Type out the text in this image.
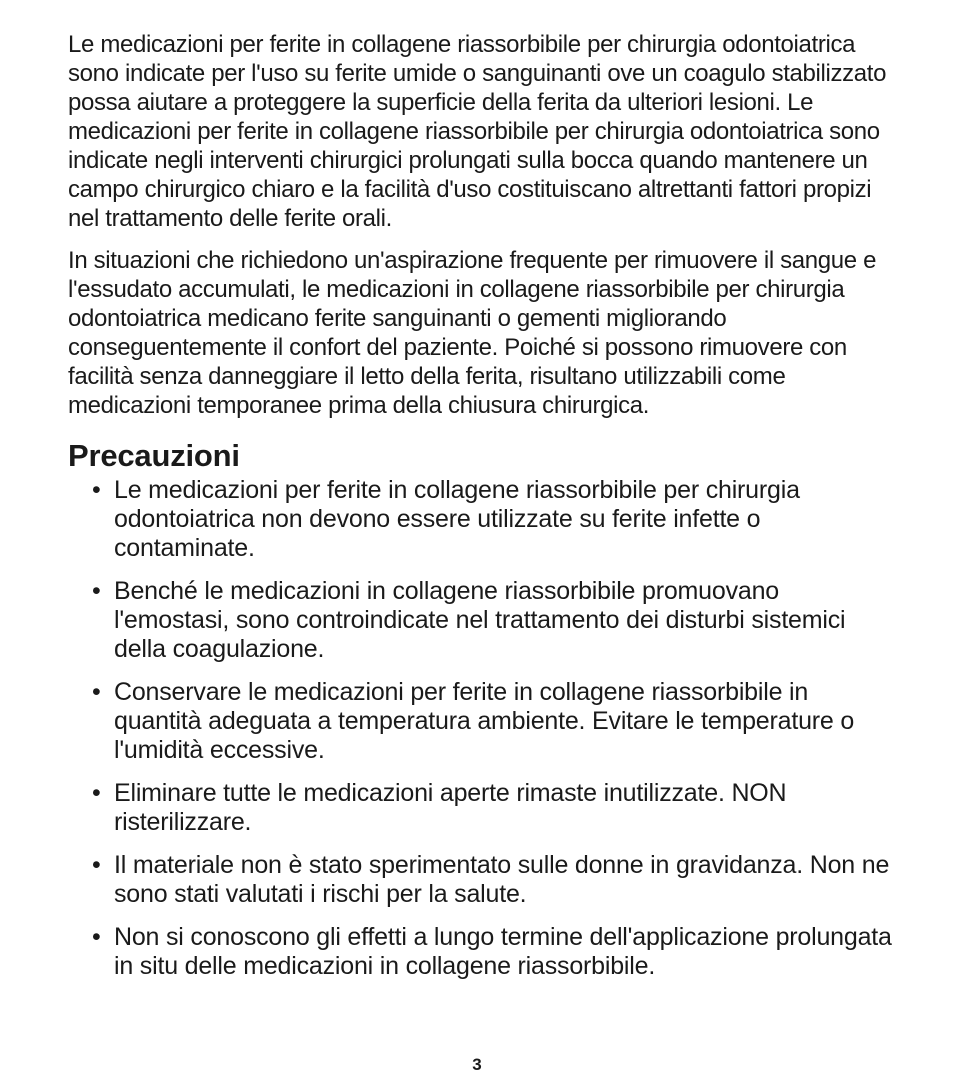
Le medicazioni per ferite in collagene riassorbibile per chirurgia odontoiatrica sono indicate per l'uso su ferite umide o sanguinanti ove un coagulo stabilizzato possa aiutare a proteggere la superficie della ferita da ulteriori lesioni. Le medicazioni per ferite in collagene riassorbibile per chirurgia odontoiatrica sono indicate negli interventi chirurgici prolungati sulla bocca quando mantenere un campo chirurgico chiaro e la facilità d'uso costituiscano altrettanti fattori propizi nel trattamento delle ferite orali.

In situazioni che richiedono un'aspirazione frequente per rimuovere il sangue e l'essudato accumulati, le medicazioni in collagene riassorbibile per chirurgia odontoiatrica medicano ferite sanguinanti o gementi migliorando conseguentemente il confort del paziente. Poiché si possono rimuovere con facilità senza danneggiare il letto della ferita, risultano utilizzabili come medicazioni temporanee prima della chiusura chirurgica.

Precauzioni
• Le medicazioni per ferite in collagene riassorbibile per chirurgia odontoiatrica non devono essere utilizzate su ferite infette o contaminate.
• Benché le medicazioni in collagene riassorbibile promuovano l'emostasi, sono controindicate nel trattamento dei disturbi sistemici della coagulazione.
• Conservare le medicazioni per ferite in collagene riassorbibile in quantità adeguata a temperatura ambiente. Evitare le temperature o l'umidità eccessive.
• Eliminare tutte le medicazioni aperte rimaste inutilizzate. NON risterilizzare.
• Il materiale non è stato sperimentato sulle donne in gravidanza. Non ne sono stati valutati i rischi per la salute.
• Non si conoscono gli effetti a lungo termine dell'applicazione prolungata in situ delle medicazioni in collagene riassorbibile.
3
